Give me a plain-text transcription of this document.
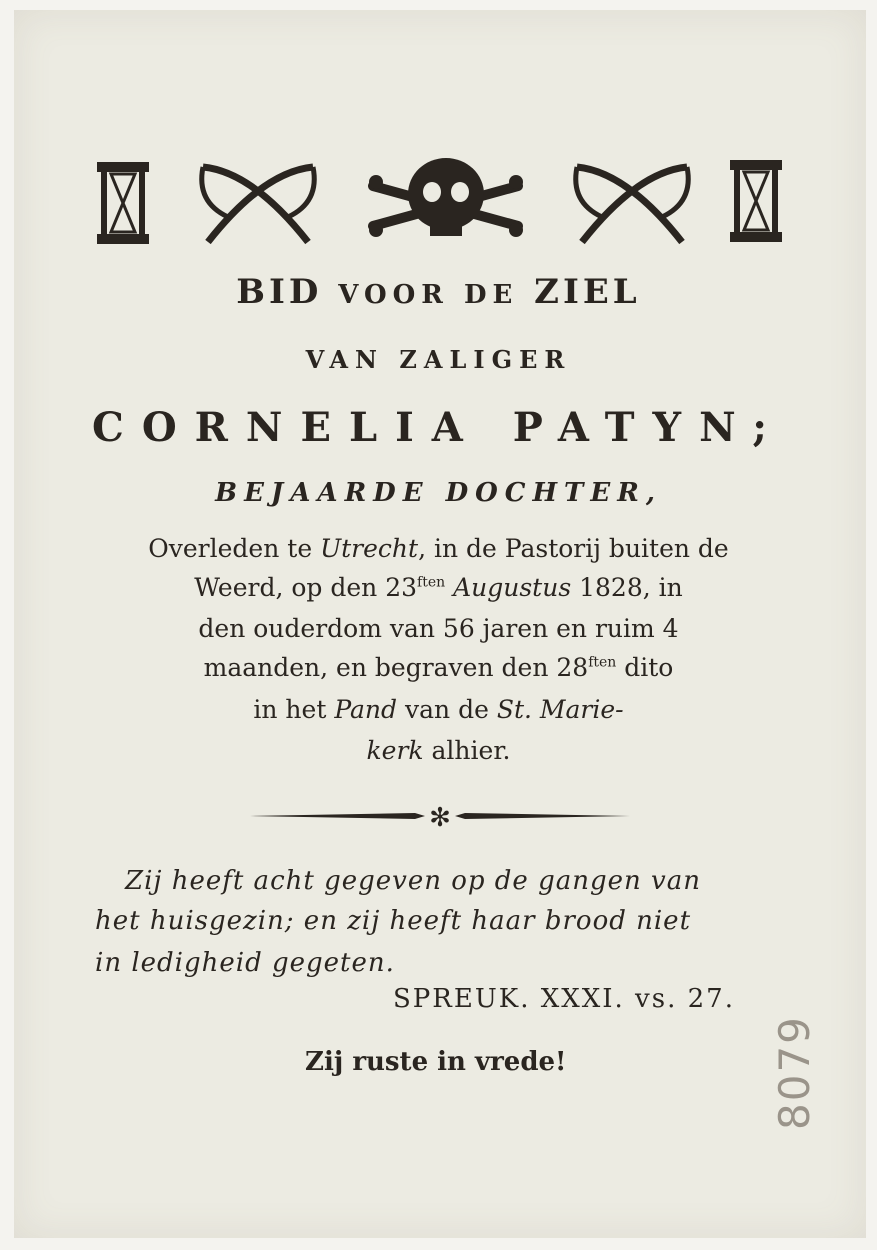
BID VOOR DE ZIEL
VAN ZALIGER
CORNELIA PATYN;
BEJAARDE DOCHTER,
Overleden te Utrecht, in de Pastorij buiten de
Weerd, op den $23^{ften}$ Augustus 1828, in
den ouderdom van 56 jaren en ruim 4
maanden, en begraven den $28^{ften}$ dito
in het Pand van de St. Marie-
kerk alhier.
✻
Zij heeft acht gegeven op de gangen van
het huisgezin; en zij heeft haar brood niet
in ledigheid gegeten.
SPREUK. XXXI. vs. 27.
Zij ruste in vrede!	8079
